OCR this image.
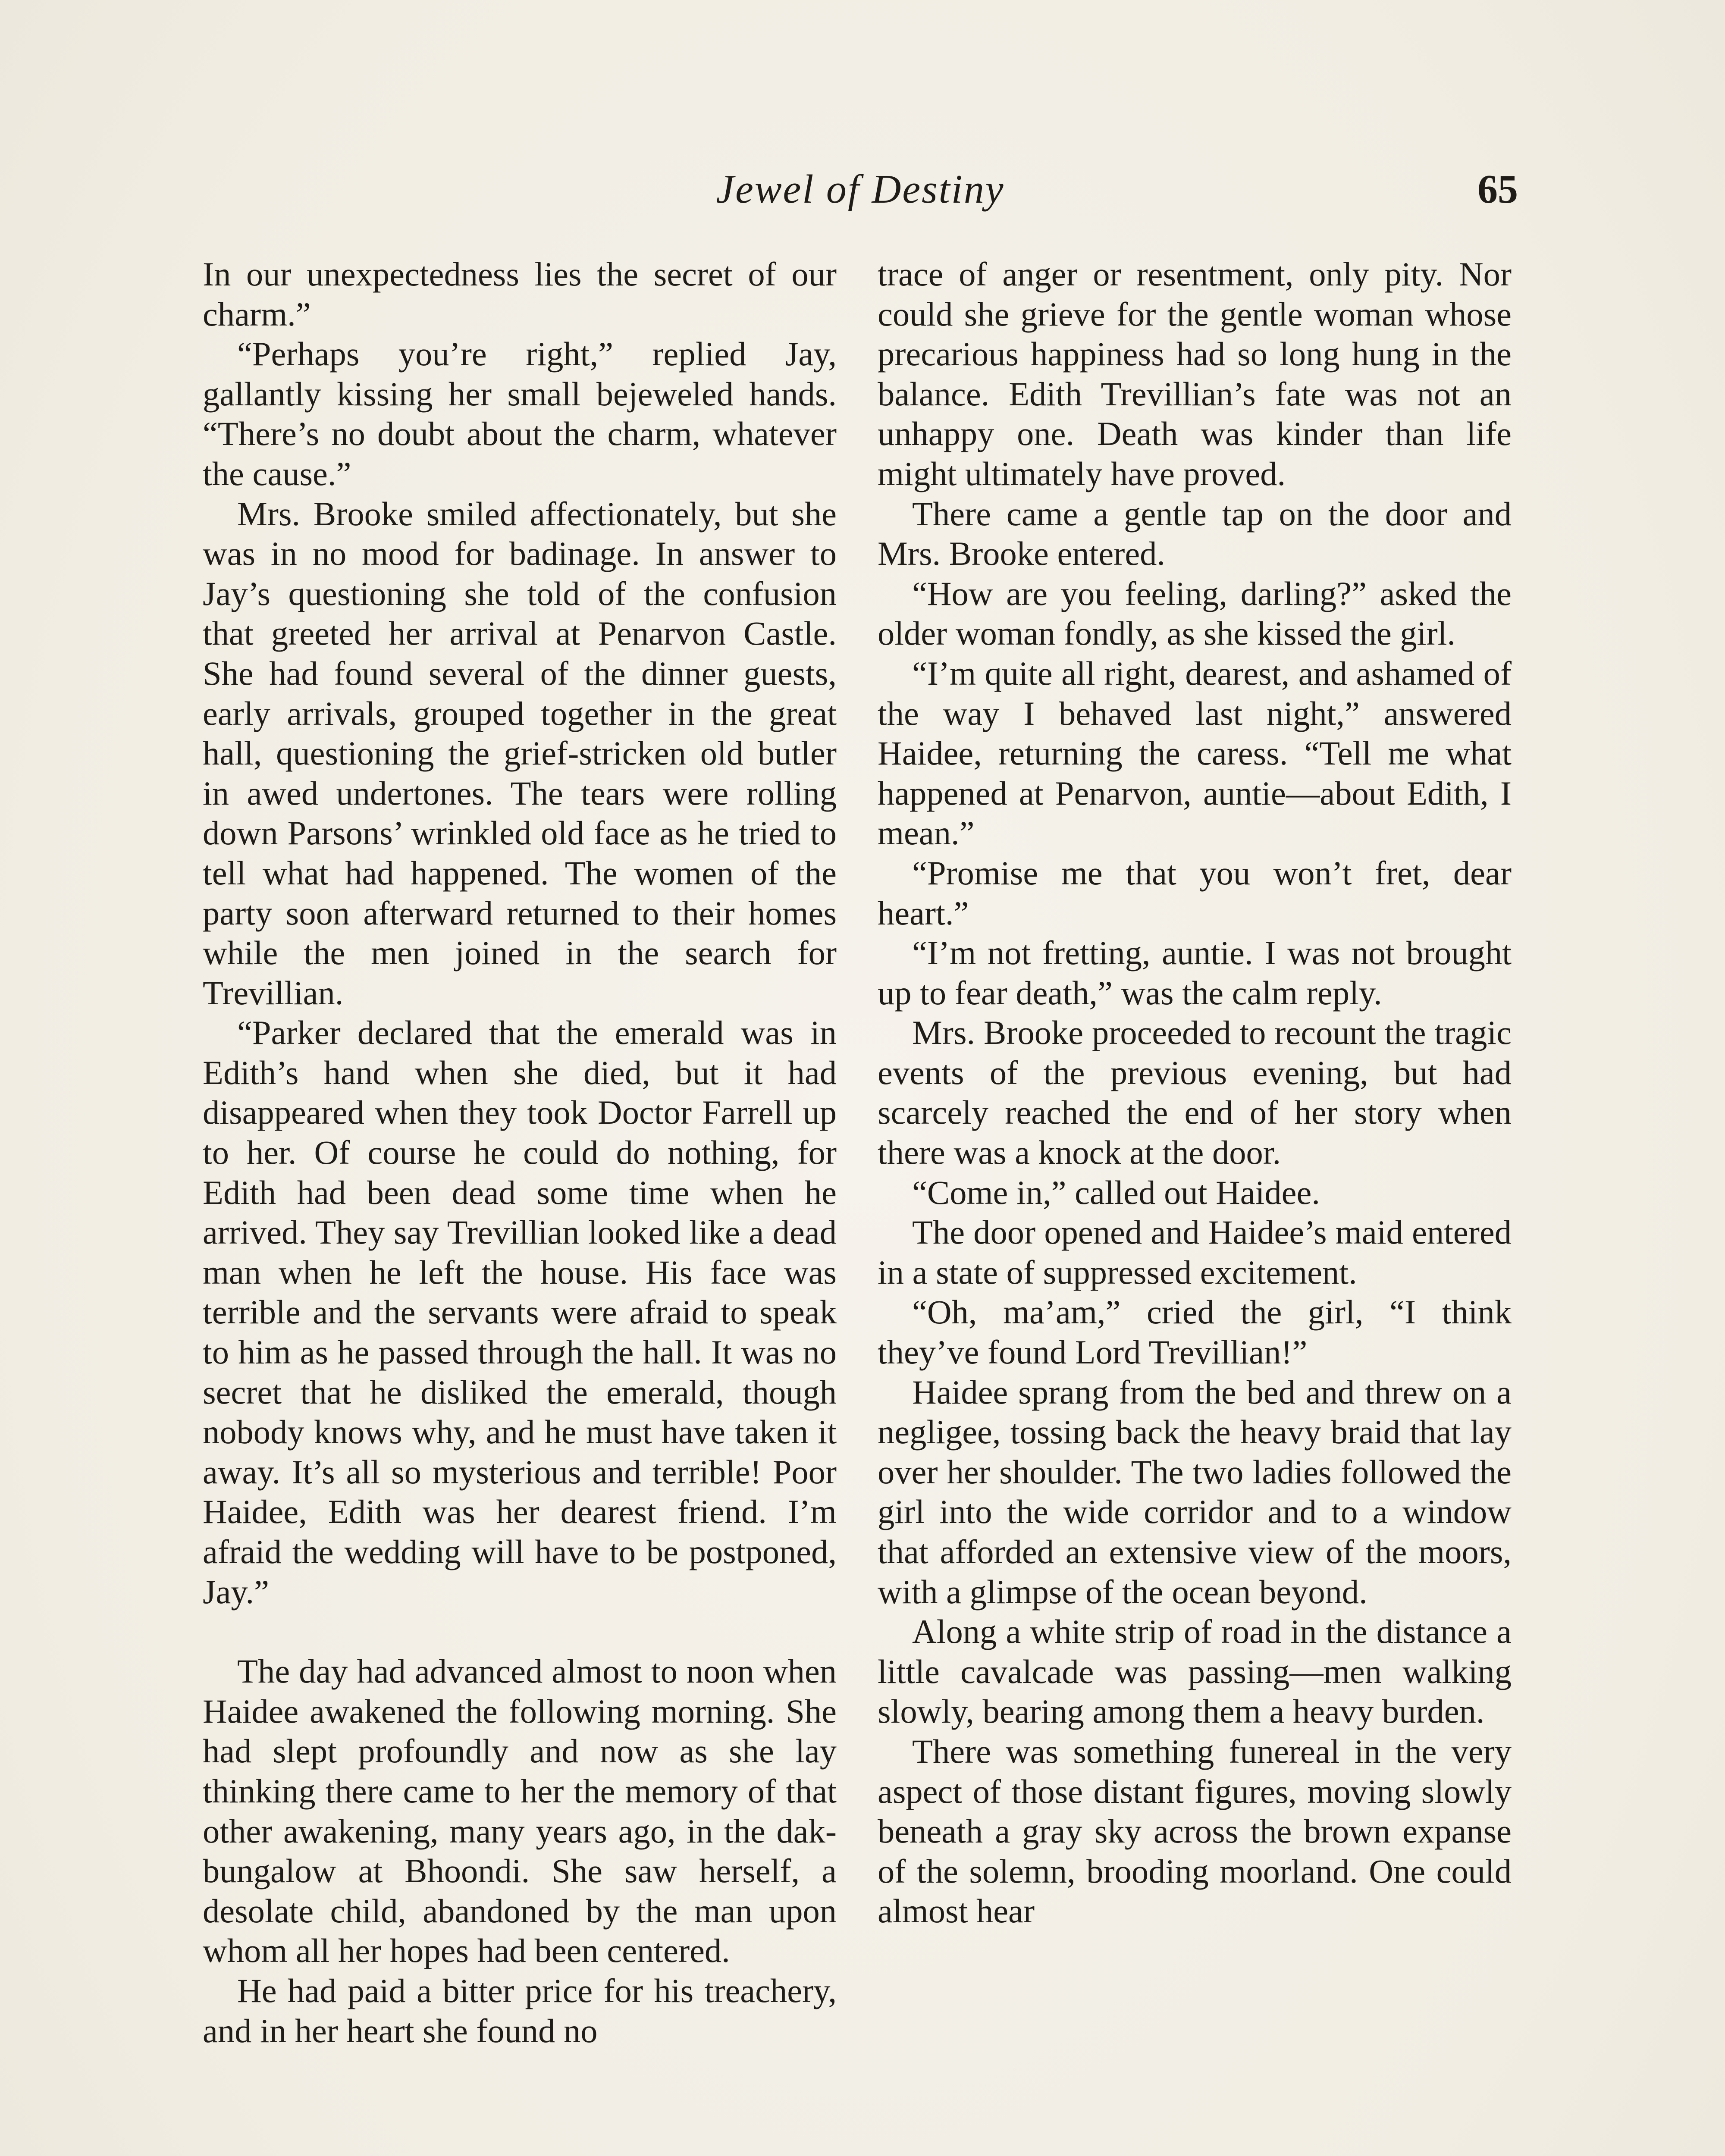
Jewel of Destiny	65

In our unexpectedness lies the secret of our charm.”

“Perhaps you’re right,” replied Jay, gallantly kissing her small bejeweled hands. “There’s no doubt about the charm, whatever the cause.”

Mrs. Brooke smiled affectionately, but she was in no mood for badinage. In answer to Jay’s questioning she told of the confusion that greeted her arrival at Penarvon Castle. She had found several of the dinner guests, early arrivals, grouped together in the great hall, questioning the grief-stricken old butler in awed undertones. The tears were rolling down Parsons’ wrinkled old face as he tried to tell what had happened. The women of the party soon afterward returned to their homes while the men joined in the search for Trevillian.

“Parker declared that the emerald was in Edith’s hand when she died, but it had disappeared when they took Doctor Farrell up to her. Of course he could do nothing, for Edith had been dead some time when he arrived. They say Trevillian looked like a dead man when he left the house. His face was terrible and the servants were afraid to speak to him as he passed through the hall. It was no secret that he disliked the emerald, though nobody knows why, and he must have taken it away. It’s all so mysterious and terrible! Poor Haidee, Edith was her dearest friend. I’m afraid the wedding will have to be postponed, Jay.”

The day had advanced almost to noon when Haidee awakened the following morning. She had slept profoundly and now as she lay thinking there came to her the memory of that other awakening, many years ago, in the dak-bungalow at Bhoondi. She saw herself, a desolate child, abandoned by the man upon whom all her hopes had been centered.

He had paid a bitter price for his treachery, and in her heart she found no

trace of anger or resentment, only pity. Nor could she grieve for the gentle woman whose precarious happiness had so long hung in the balance. Edith Trevillian’s fate was not an unhappy one. Death was kinder than life might ultimately have proved.

There came a gentle tap on the door and Mrs. Brooke entered.

“How are you feeling, darling?” asked the older woman fondly, as she kissed the girl.

“I’m quite all right, dearest, and ashamed of the way I behaved last night,” answered Haidee, returning the caress. “Tell me what happened at Penarvon, auntie—about Edith, I mean.”

“Promise me that you won’t fret, dear heart.”

“I’m not fretting, auntie. I was not brought up to fear death,” was the calm reply.

Mrs. Brooke proceeded to recount the tragic events of the previous evening, but had scarcely reached the end of her story when there was a knock at the door.

“Come in,” called out Haidee.

The door opened and Haidee’s maid entered in a state of suppressed excitement.

“Oh, ma’am,” cried the girl, “I think they’ve found Lord Trevillian!”

Haidee sprang from the bed and threw on a negligee, tossing back the heavy braid that lay over her shoulder. The two ladies followed the girl into the wide corridor and to a window that afforded an extensive view of the moors, with a glimpse of the ocean beyond.

Along a white strip of road in the distance a little cavalcade was passing—men walking slowly, bearing among them a heavy burden.

There was something funereal in the very aspect of those distant figures, moving slowly beneath a gray sky across the brown expanse of the solemn, brooding moorland. One could almost hear
